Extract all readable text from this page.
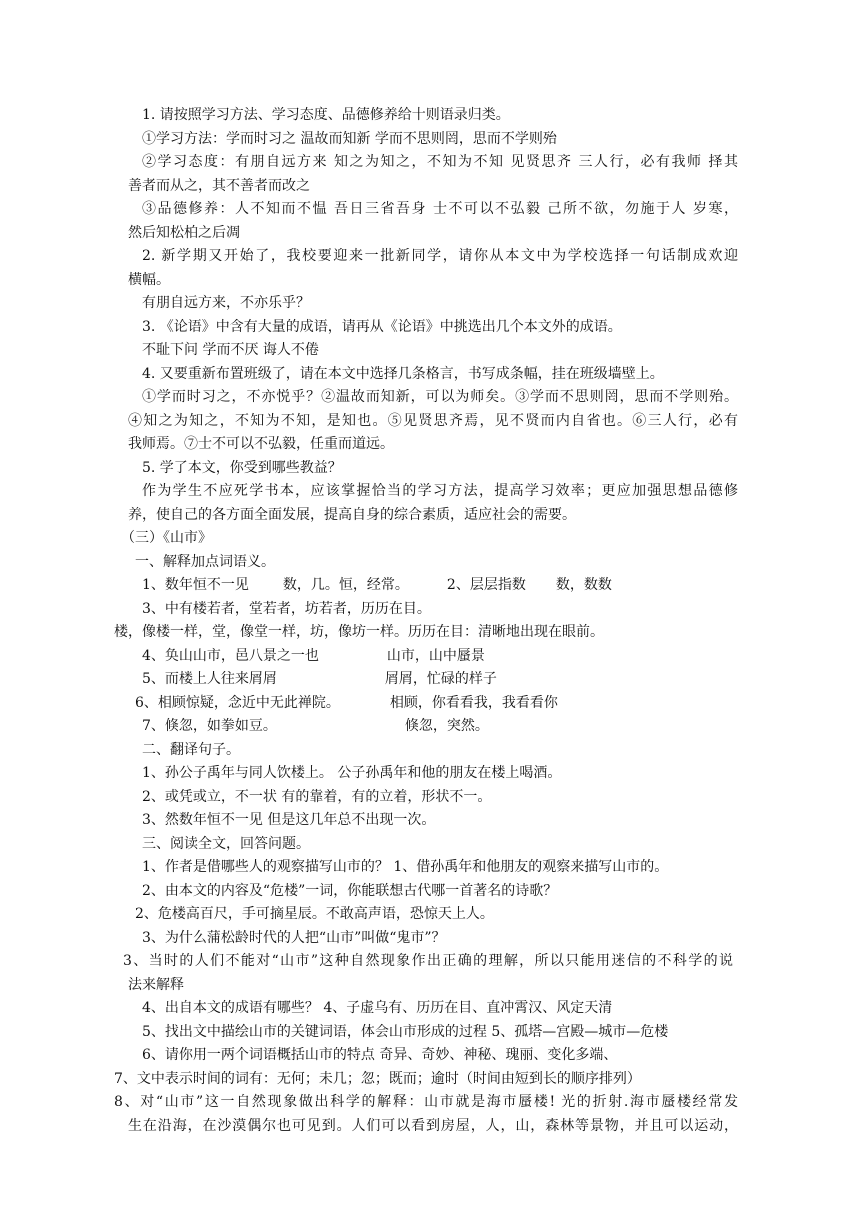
1. 请按照学习方法、学习态度、品德修养给十则语录归类。
①学习方法：学而时习之 温故而知新 学而不思则罔，思而不学则殆
②学习态度：有朋自远方来 知之为知之，不知为不知 见贤思齐 三人行，必有我师 择其
善者而从之，其不善者而改之
③品德修养：人不知而不愠 吾日三省吾身 士不可以不弘毅 己所不欲，勿施于人 岁寒，
然后知松柏之后凋
2. 新学期又开始了，我校要迎来一批新同学，请你从本文中为学校选择一句话制成欢迎
横幅。
有朋自远方来，不亦乐乎？
3. 《论语》中含有大量的成语，请再从《论语》中挑选出几个本文外的成语。
不耻下问 学而不厌 诲人不倦
4. 又要重新布置班级了，请在本文中选择几条格言，书写成条幅，挂在班级墙壁上。
①学而时习之，不亦悦乎？②温故而知新，可以为师矣。③学而不思则罔，思而不学则殆。
④知之为知之，不知为不知，是知也。⑤见贤思齐焉，见不贤而内自省也。⑥三人行，必有
我师焉。⑦士不可以不弘毅，任重而道远。
5. 学了本文，你受到哪些教益？
作为学生不应死学书本，应该掌握恰当的学习方法，提高学习效率；更应加强思想品德修
养，使自己的各方面全面发展，提高自身的综合素质，适应社会的需要。
（三）《山市》
一、解释加点词语义。
1、数年恒不一见 数，几。恒，经常。	2、层层指数 数，数数
3、中有楼若者，堂若者，坊若者，历历在目。
楼，像楼一样，堂，像堂一样，坊，像坊一样。历历在目：清晰地出现在眼前。
4、奂山山市，邑八景之一也	山市，山中蜃景
5、而楼上人往来屑屑	屑屑，忙碌的样子
6、相顾惊疑，念近中无此禅院。	相顾，你看看我，我看看你
7、倏忽，如拳如豆。	倏忽，突然。
二、翻译句子。
1、孙公子禹年与同人饮楼上。 公子孙禹年和他的朋友在楼上喝酒。
2、或凭或立，不一状 有的靠着，有的立着，形状不一。
3、然数年恒不一见 但是这几年总不出现一次。
三、阅读全文，回答问题。
1、作者是借哪些人的观察描写山市的？ 1、借孙禹年和他朋友的观察来描写山市的。
2、由本文的内容及“危楼”一词，你能联想古代哪一首著名的诗歌？
2、危楼高百尺，手可摘星辰。不敢高声语，恐惊天上人。
3、为什么蒲松龄时代的人把“山市”叫做“鬼市”？
3、当时的人们不能对“山市”这种自然现象作出正确的理解，所以只能用迷信的不科学的说
法来解释
4、出自本文的成语有哪些？ 4、子虚乌有、历历在目、直冲霄汉、风定天清
5、找出文中描绘山市的关键词语，体会山市形成的过程 5、孤塔—宫殿—城市—危楼
6、请你用一两个词语概括山市的特点 奇异、奇妙、神秘、瑰丽、变化多端、
7、文中表示时间的词有：无何；未几；忽；既而；逾时（时间由短到长的顺序排列）
8、对“山市”这一自然现象做出科学的解释：山市就是海市蜃楼! 光的折射.海市蜃楼经常发
生在沿海，在沙漠偶尔也可见到。人们可以看到房屋，人，山，森林等景物，并且可以运动，
